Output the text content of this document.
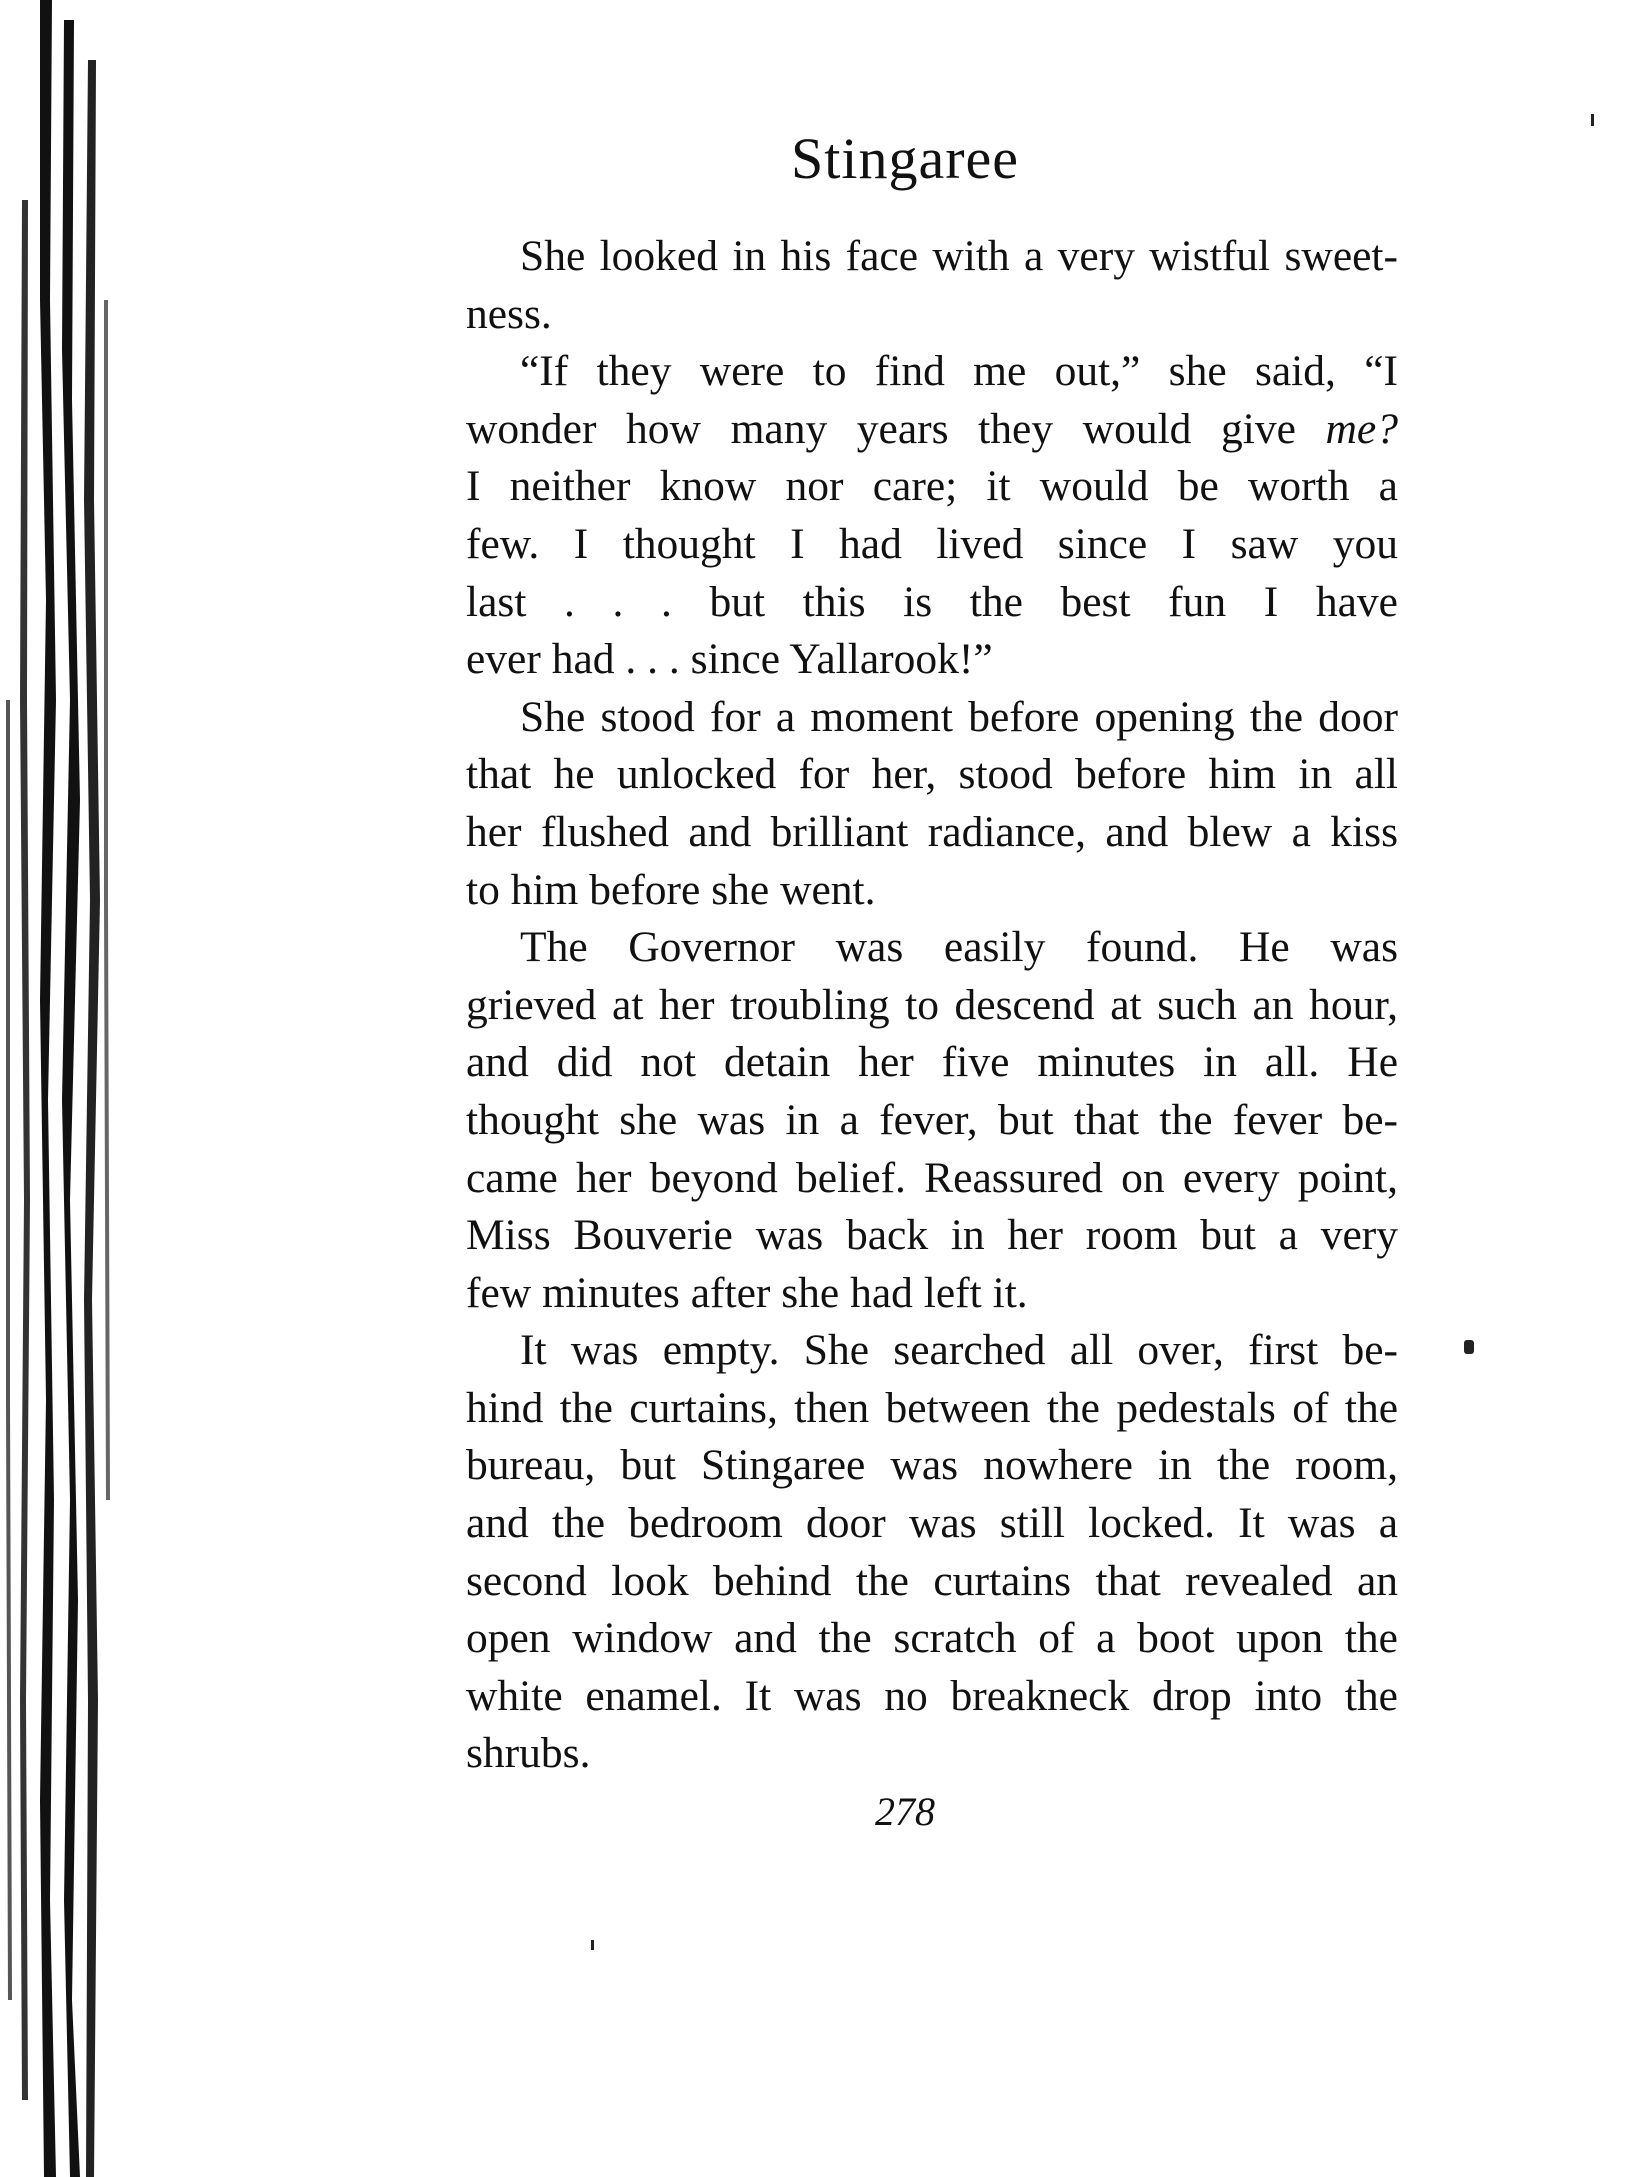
Stingaree

She looked in his face with a very wistful sweet-
ness.

“If they were to find me out,” she said, “I
wonder how many years they would give me?
I neither know nor care; it would be worth a
few. I thought I had lived since I saw you
last . . . but this is the best fun I have
ever had . . . since Yallarook!”

She stood for a moment before opening the door
that he unlocked for her, stood before him in all
her flushed and brilliant radiance, and blew a kiss
to him before she went.

The Governor was easily found. He was
grieved at her troubling to descend at such an hour,
and did not detain her five minutes in all. He
thought she was in a fever, but that the fever be-
came her beyond belief. Reassured on every point,
Miss Bouverie was back in her room but a very
few minutes after she had left it.

It was empty. She searched all over, first be-
hind the curtains, then between the pedestals of the
bureau, but Stingaree was nowhere in the room,
and the bedroom door was still locked. It was a
second look behind the curtains that revealed an
open window and the scratch of a boot upon the
white enamel. It was no breakneck drop into the
shrubs.

278
